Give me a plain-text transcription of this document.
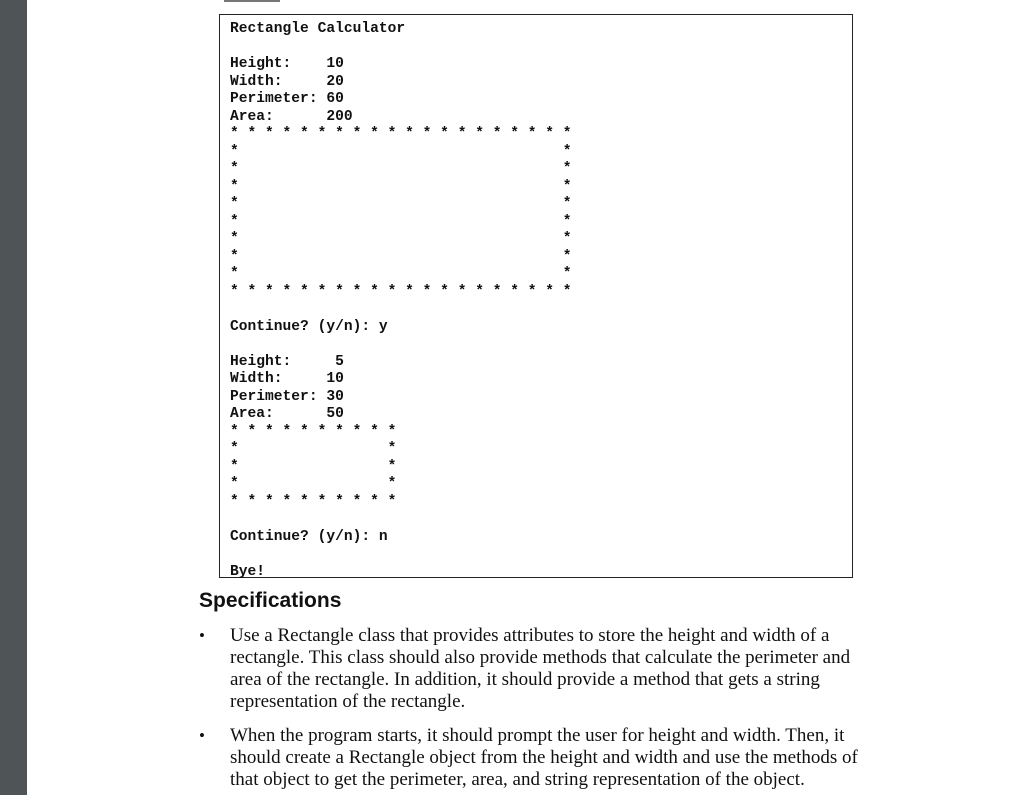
Rectangle Calculator

Height:    10
Width:     20
Perimeter: 60
Area:      200
* * * * * * * * * * * * * * * * * * * *
*                                     *
*                                     *
*                                     *
*                                     *
*                                     *
*                                     *
*                                     *
*                                     *
* * * * * * * * * * * * * * * * * * * *

Continue? (y/n): y

Height:     5
Width:     10
Perimeter: 30
Area:      50
* * * * * * * * * *
*                 *
*                 *
*                 *
* * * * * * * * * *

Continue? (y/n): n

Bye!
Specifications
• Use a Rectangle class that provides attributes to store the height and width of a rectangle. This class should also provide methods that calculate the perimeter and area of the rectangle. In addition, it should provide a method that gets a string representation of the rectangle.
• When the program starts, it should prompt the user for height and width. Then, it should create a Rectangle object from the height and width and use the methods of that object to get the perimeter, area, and string representation of the object.
